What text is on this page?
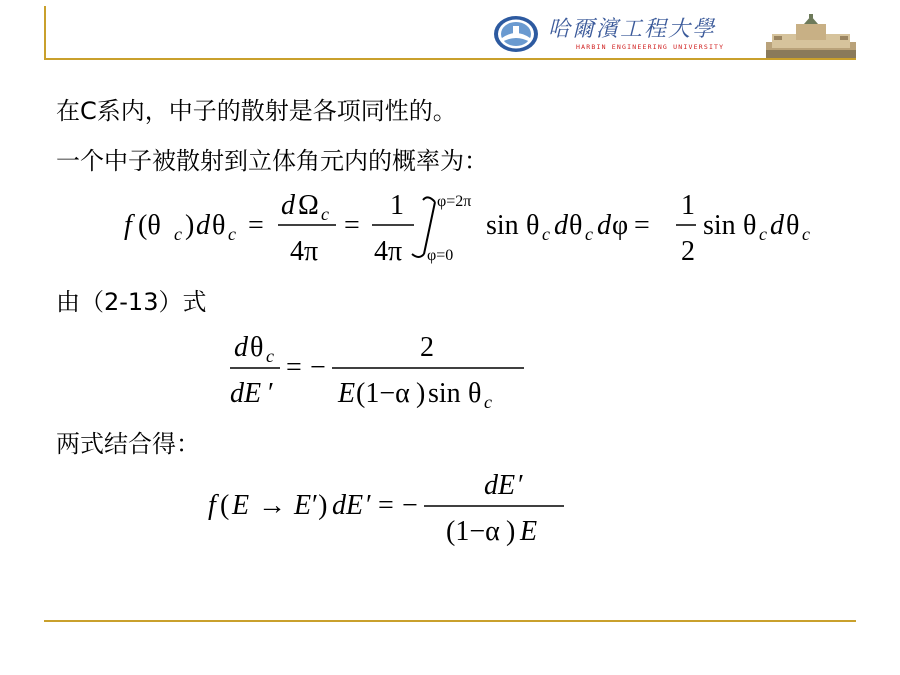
哈爾濱工程大學
HARBIN ENGINEERING UNIVERSITY
在C系内，中子的散射是各项同性的。
一个中子被散射到立体角元内的概率为：
由（2-13）式
两式结合得：
f (θ c ) d θ c =
d Ω c
4π
=
1
4π
φ=2π
φ=0
sin θ c d θ c d φ =
1
2
sin θ c d θ c
d θ c
dE ′
= −
2
E (1−α ) sin θ c
f ( E → E ′) dE ′ = −
dE ′
(1−α ) E
